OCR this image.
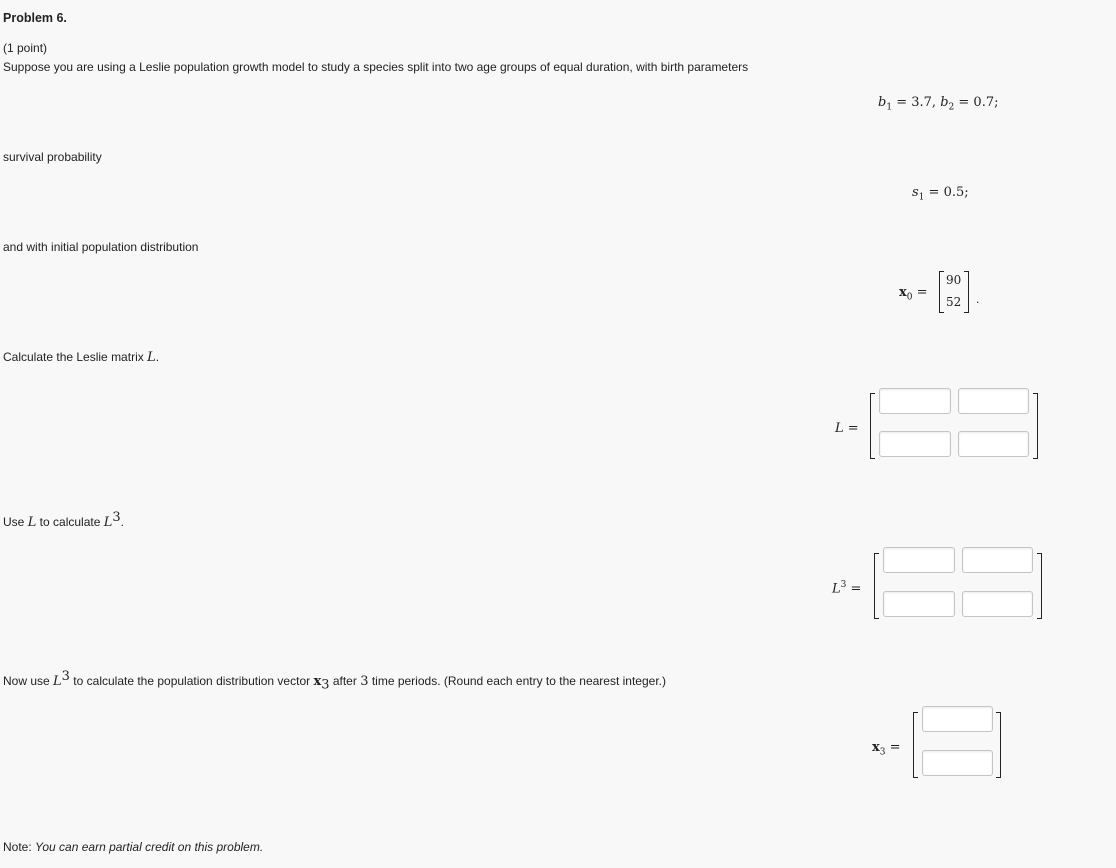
Problem 6.
(1 point)
Suppose you are using a Leslie population growth model to study a species split into two age groups of equal duration, with birth parameters
$b_1 = 3.7$, $b_2 = 0.7$;
survival probability
$s_1 = 0.5$;
and with initial population distribution
$x_0$ =
90
52 .
Calculate the Leslie matrix L.
L =
Use L to calculate $L^3$.
$L^3$ =
Now use $L^3$ to calculate the population distribution vector $x_3$ after 3 time periods. (Round each entry to the nearest integer.)
$x_3$ =
Note: You can earn partial credit on this problem.
